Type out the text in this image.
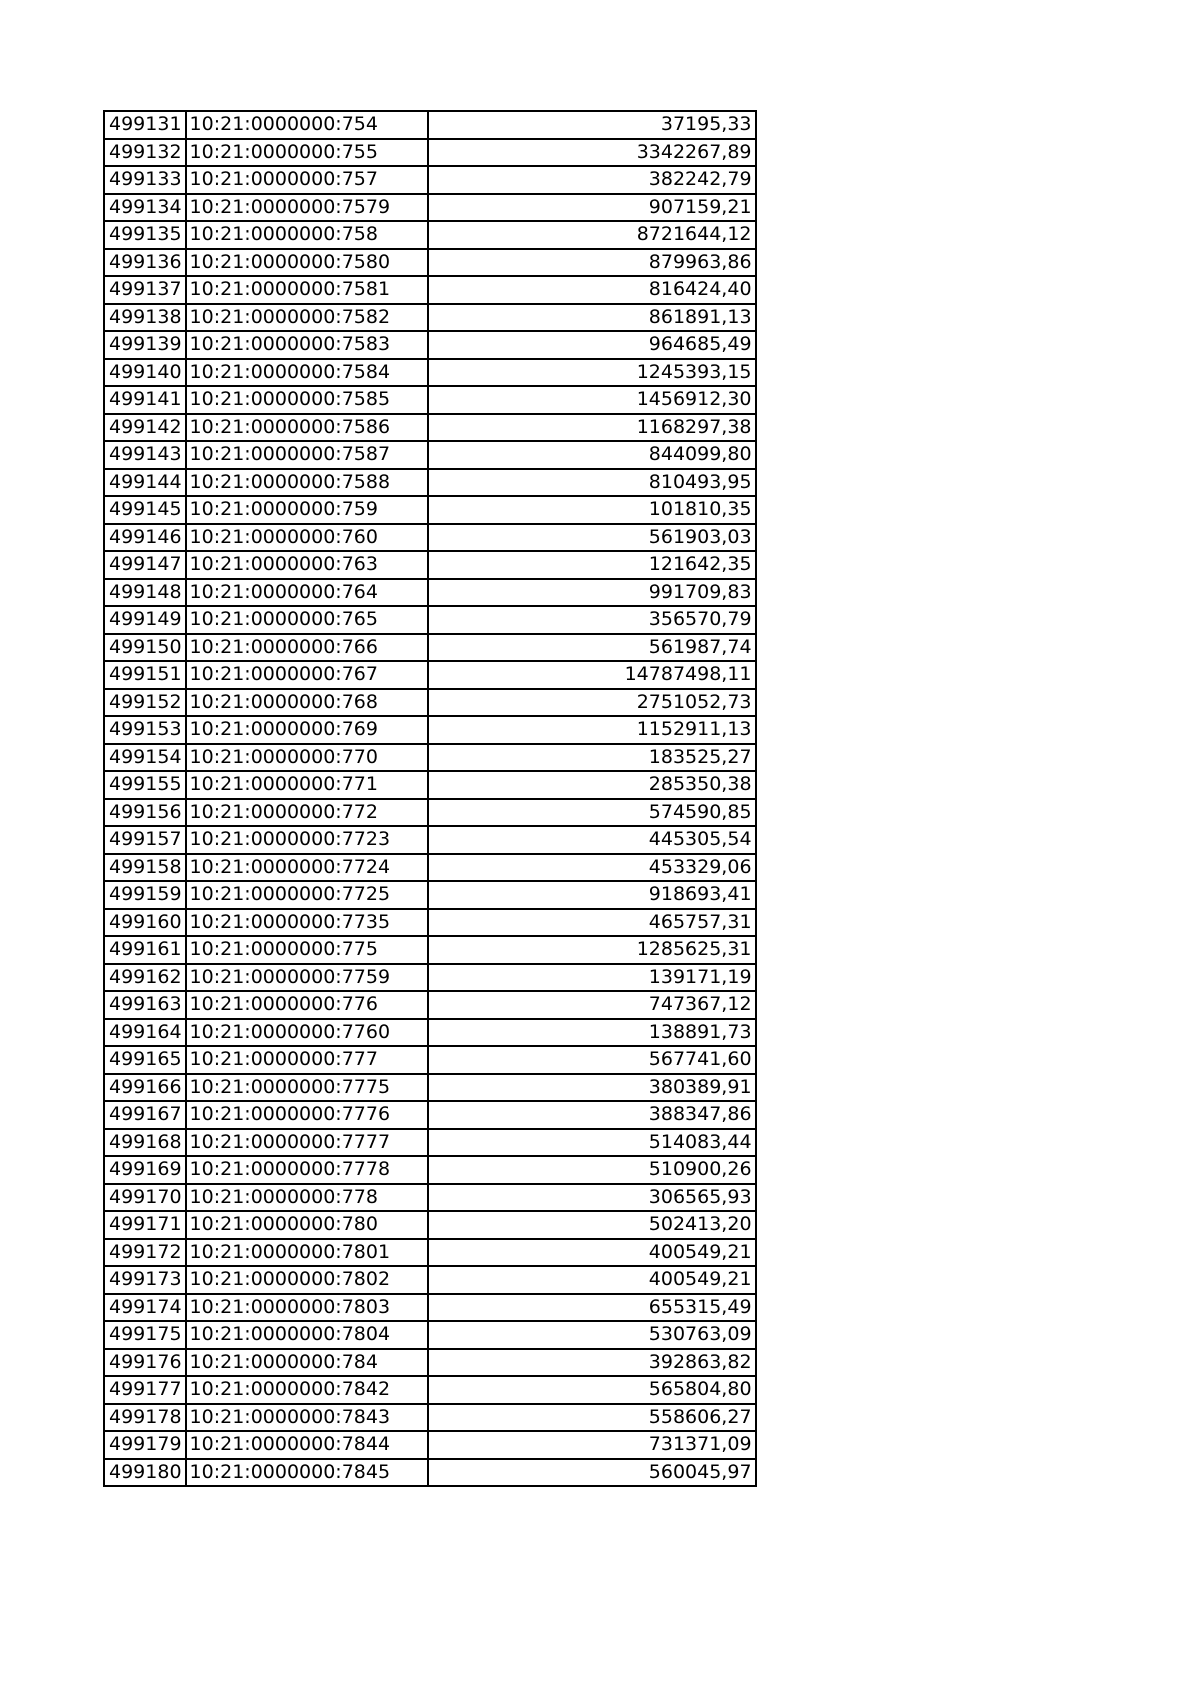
499131	10:21:0000000:754	37195,33
499132	10:21:0000000:755	3342267,89
499133	10:21:0000000:757	382242,79
499134	10:21:0000000:7579	907159,21
499135	10:21:0000000:758	8721644,12
499136	10:21:0000000:7580	879963,86
499137	10:21:0000000:7581	816424,40
499138	10:21:0000000:7582	861891,13
499139	10:21:0000000:7583	964685,49
499140	10:21:0000000:7584	1245393,15
499141	10:21:0000000:7585	1456912,30
499142	10:21:0000000:7586	1168297,38
499143	10:21:0000000:7587	844099,80
499144	10:21:0000000:7588	810493,95
499145	10:21:0000000:759	101810,35
499146	10:21:0000000:760	561903,03
499147	10:21:0000000:763	121642,35
499148	10:21:0000000:764	991709,83
499149	10:21:0000000:765	356570,79
499150	10:21:0000000:766	561987,74
499151	10:21:0000000:767	14787498,11
499152	10:21:0000000:768	2751052,73
499153	10:21:0000000:769	1152911,13
499154	10:21:0000000:770	183525,27
499155	10:21:0000000:771	285350,38
499156	10:21:0000000:772	574590,85
499157	10:21:0000000:7723	445305,54
499158	10:21:0000000:7724	453329,06
499159	10:21:0000000:7725	918693,41
499160	10:21:0000000:7735	465757,31
499161	10:21:0000000:775	1285625,31
499162	10:21:0000000:7759	139171,19
499163	10:21:0000000:776	747367,12
499164	10:21:0000000:7760	138891,73
499165	10:21:0000000:777	567741,60
499166	10:21:0000000:7775	380389,91
499167	10:21:0000000:7776	388347,86
499168	10:21:0000000:7777	514083,44
499169	10:21:0000000:7778	510900,26
499170	10:21:0000000:778	306565,93
499171	10:21:0000000:780	502413,20
499172	10:21:0000000:7801	400549,21
499173	10:21:0000000:7802	400549,21
499174	10:21:0000000:7803	655315,49
499175	10:21:0000000:7804	530763,09
499176	10:21:0000000:784	392863,82
499177	10:21:0000000:7842	565804,80
499178	10:21:0000000:7843	558606,27
499179	10:21:0000000:7844	731371,09
499180	10:21:0000000:7845	560045,97
